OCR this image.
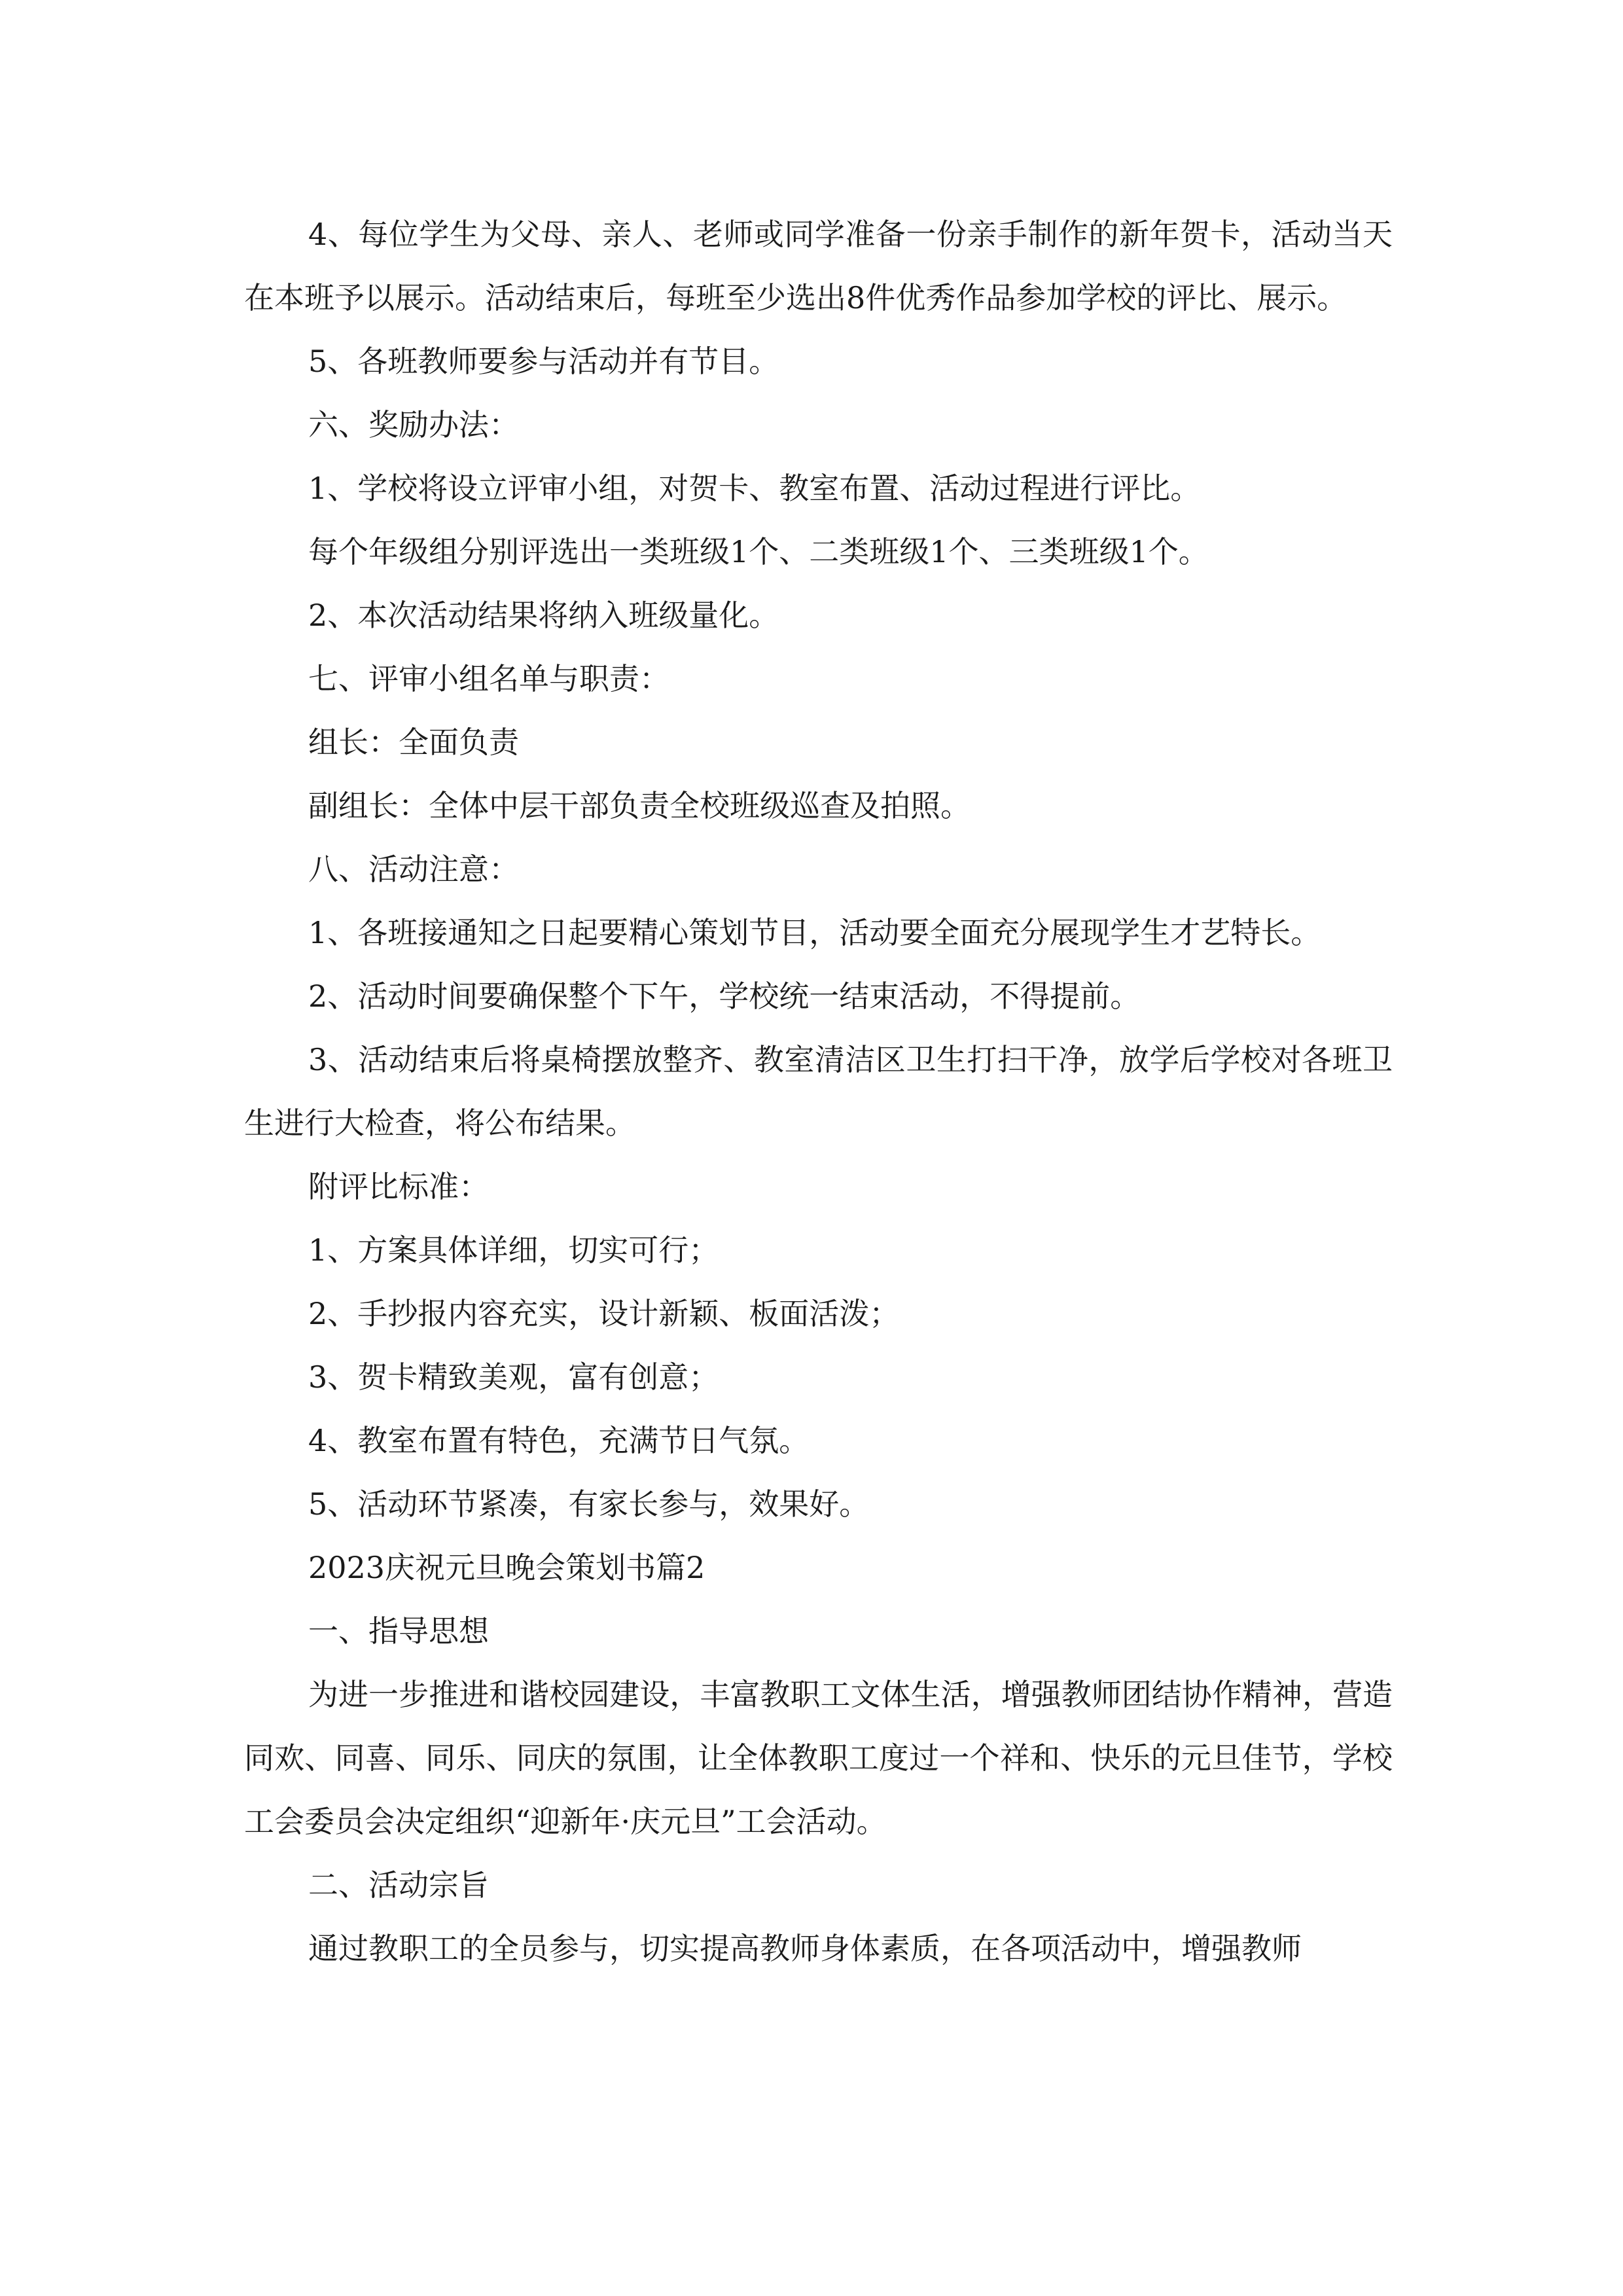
4、每位学生为父母、亲人、老师或同学准备一份亲手制作的新年贺卡，活动当天在本班予以展示。活动结束后，每班至少选出8件优秀作品参加学校的评比、展示。

5、各班教师要参与活动并有节目。

六、奖励办法：

1、学校将设立评审小组，对贺卡、教室布置、活动过程进行评比。

每个年级组分别评选出一类班级1个、二类班级1个、三类班级1个。

2、本次活动结果将纳入班级量化。

七、评审小组名单与职责：

组长：全面负责

副组长：全体中层干部负责全校班级巡查及拍照。

八、活动注意：

1、各班接通知之日起要精心策划节目，活动要全面充分展现学生才艺特长。

2、活动时间要确保整个下午，学校统一结束活动，不得提前。

3、活动结束后将桌椅摆放整齐、教室清洁区卫生打扫干净，放学后学校对各班卫生进行大检查，将公布结果。

附评比标准：

1、方案具体详细，切实可行；

2、手抄报内容充实，设计新颖、板面活泼；

3、贺卡精致美观，富有创意；

4、教室布置有特色，充满节日气氛。

5、活动环节紧凑，有家长参与，效果好。

2023庆祝元旦晚会策划书篇2

一、指导思想

为进一步推进和谐校园建设，丰富教职工文体生活，增强教师团结协作精神，营造同欢、同喜、同乐、同庆的氛围，让全体教职工度过一个祥和、快乐的元旦佳节，学校工会委员会决定组织“迎新年·庆元旦”工会活动。

二、活动宗旨

通过教职工的全员参与，切实提高教师身体素质，在各项活动中，增强教师
